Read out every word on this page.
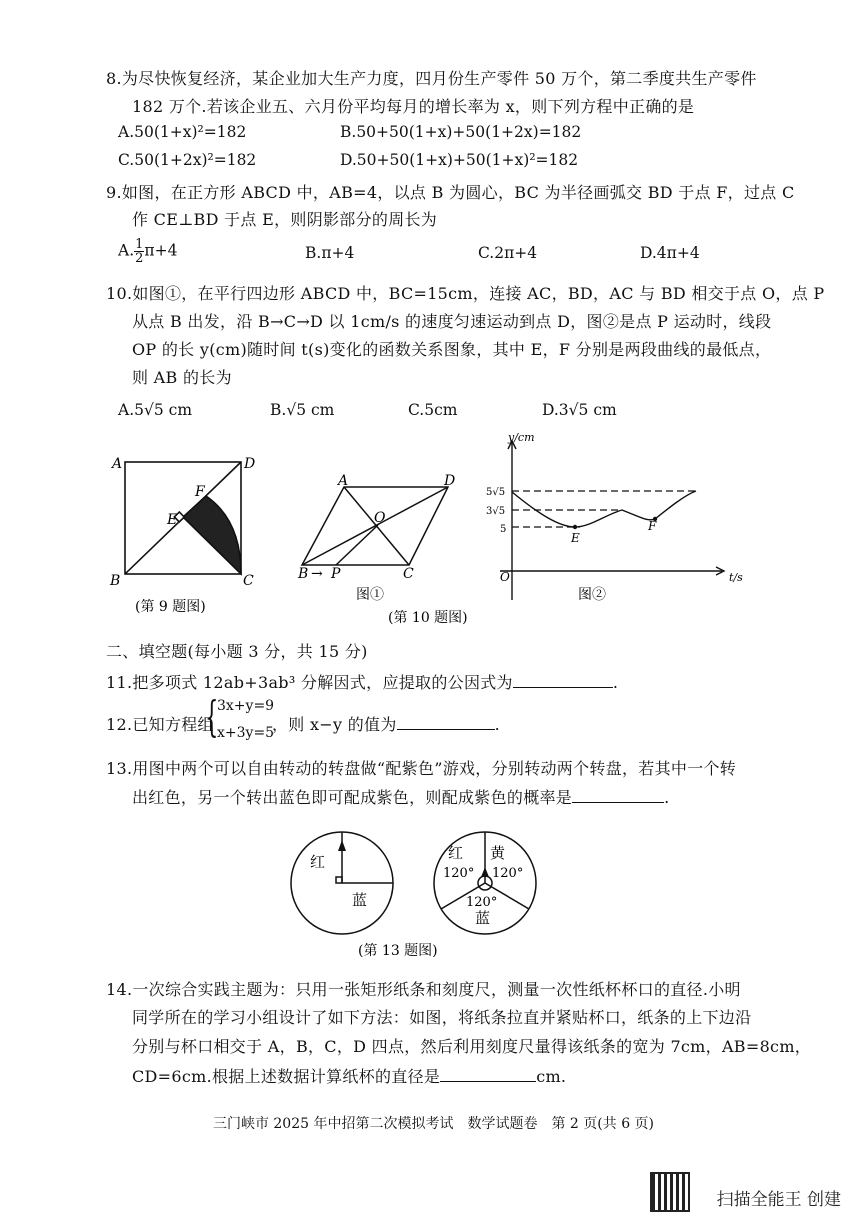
8.为尽快恢复经济，某企业加大生产力度，四月份生产零件 50 万个，第二季度共生产零件
182 万个.若该企业五、六月份平均每月的增长率为 x，则下列方程中正确的是
A.50(1+x)²=182	B.50+50(1+x)+50(1+2x)=182
C.50(1+2x)²=182	D.50+50(1+x)+50(1+x)²=182
9.如图，在正方形 ABCD 中，AB=4，以点 B 为圆心，BC 为半径画弧交 BD 于点 F，过点 C
作 CE⊥BD 于点 E，则阴影部分的周长为
A. $\frac{1}{2} \pi+4$	B.π+4	C.2π+4	D.4π+4
10.如图①，在平行四边形 ABCD 中，BC=15cm，连接 AC，BD，AC 与 BD 相交于点 O，点 P
从点 B 出发，沿 B→C→D 以 1cm/s 的速度匀速运动到点 D，图②是点 P 运动时，线段
OP 的长 y(cm)随时间 t(s)变化的函数关系图象，其中 E，F 分别是两段曲线的最低点，
则 AB 的长为
A.5√5 cm	B.√5 cm	C.5cm	D.3√5 cm
A	D
B	C
F
E
(第 9 题图)
A	D
O
B → P	C
图①
y/cm
t/s
O
5√5
3√5
5
E
F
图②
(第 10 题图)
二、填空题(每小题 3 分，共 15 分)
11.把多项式 12ab+3ab³ 分解因式，应提取的公因式为	.
12.已知方程组
{
3x+y=9
x+3y=5
，则 x−y 的值为	.
13.用图中两个可以自由转动的转盘做“配紫色”游戏，分别转动两个转盘，若其中一个转
出红色，另一个转出蓝色即可配成紫色，则配成紫色的概率是	.
红
蓝
红 黄
120° 120°
120°
蓝
(第 13 题图)
14.一次综合实践主题为：只用一张矩形纸条和刻度尺，测量一次性纸杯杯口的直径.小明
同学所在的学习小组设计了如下方法：如图，将纸条拉直并紧贴杯口，纸条的上下边沿
分别与杯口相交于 A，B，C，D 四点，然后利用刻度尺量得该纸条的宽为 7cm，AB=8cm，
CD=6cm.根据上述数据计算纸杯的直径是	cm.
三门峡市 2025 年中招第二次模拟考试　数学试题卷　第 2 页(共 6 页)
扫描全能王 创建
